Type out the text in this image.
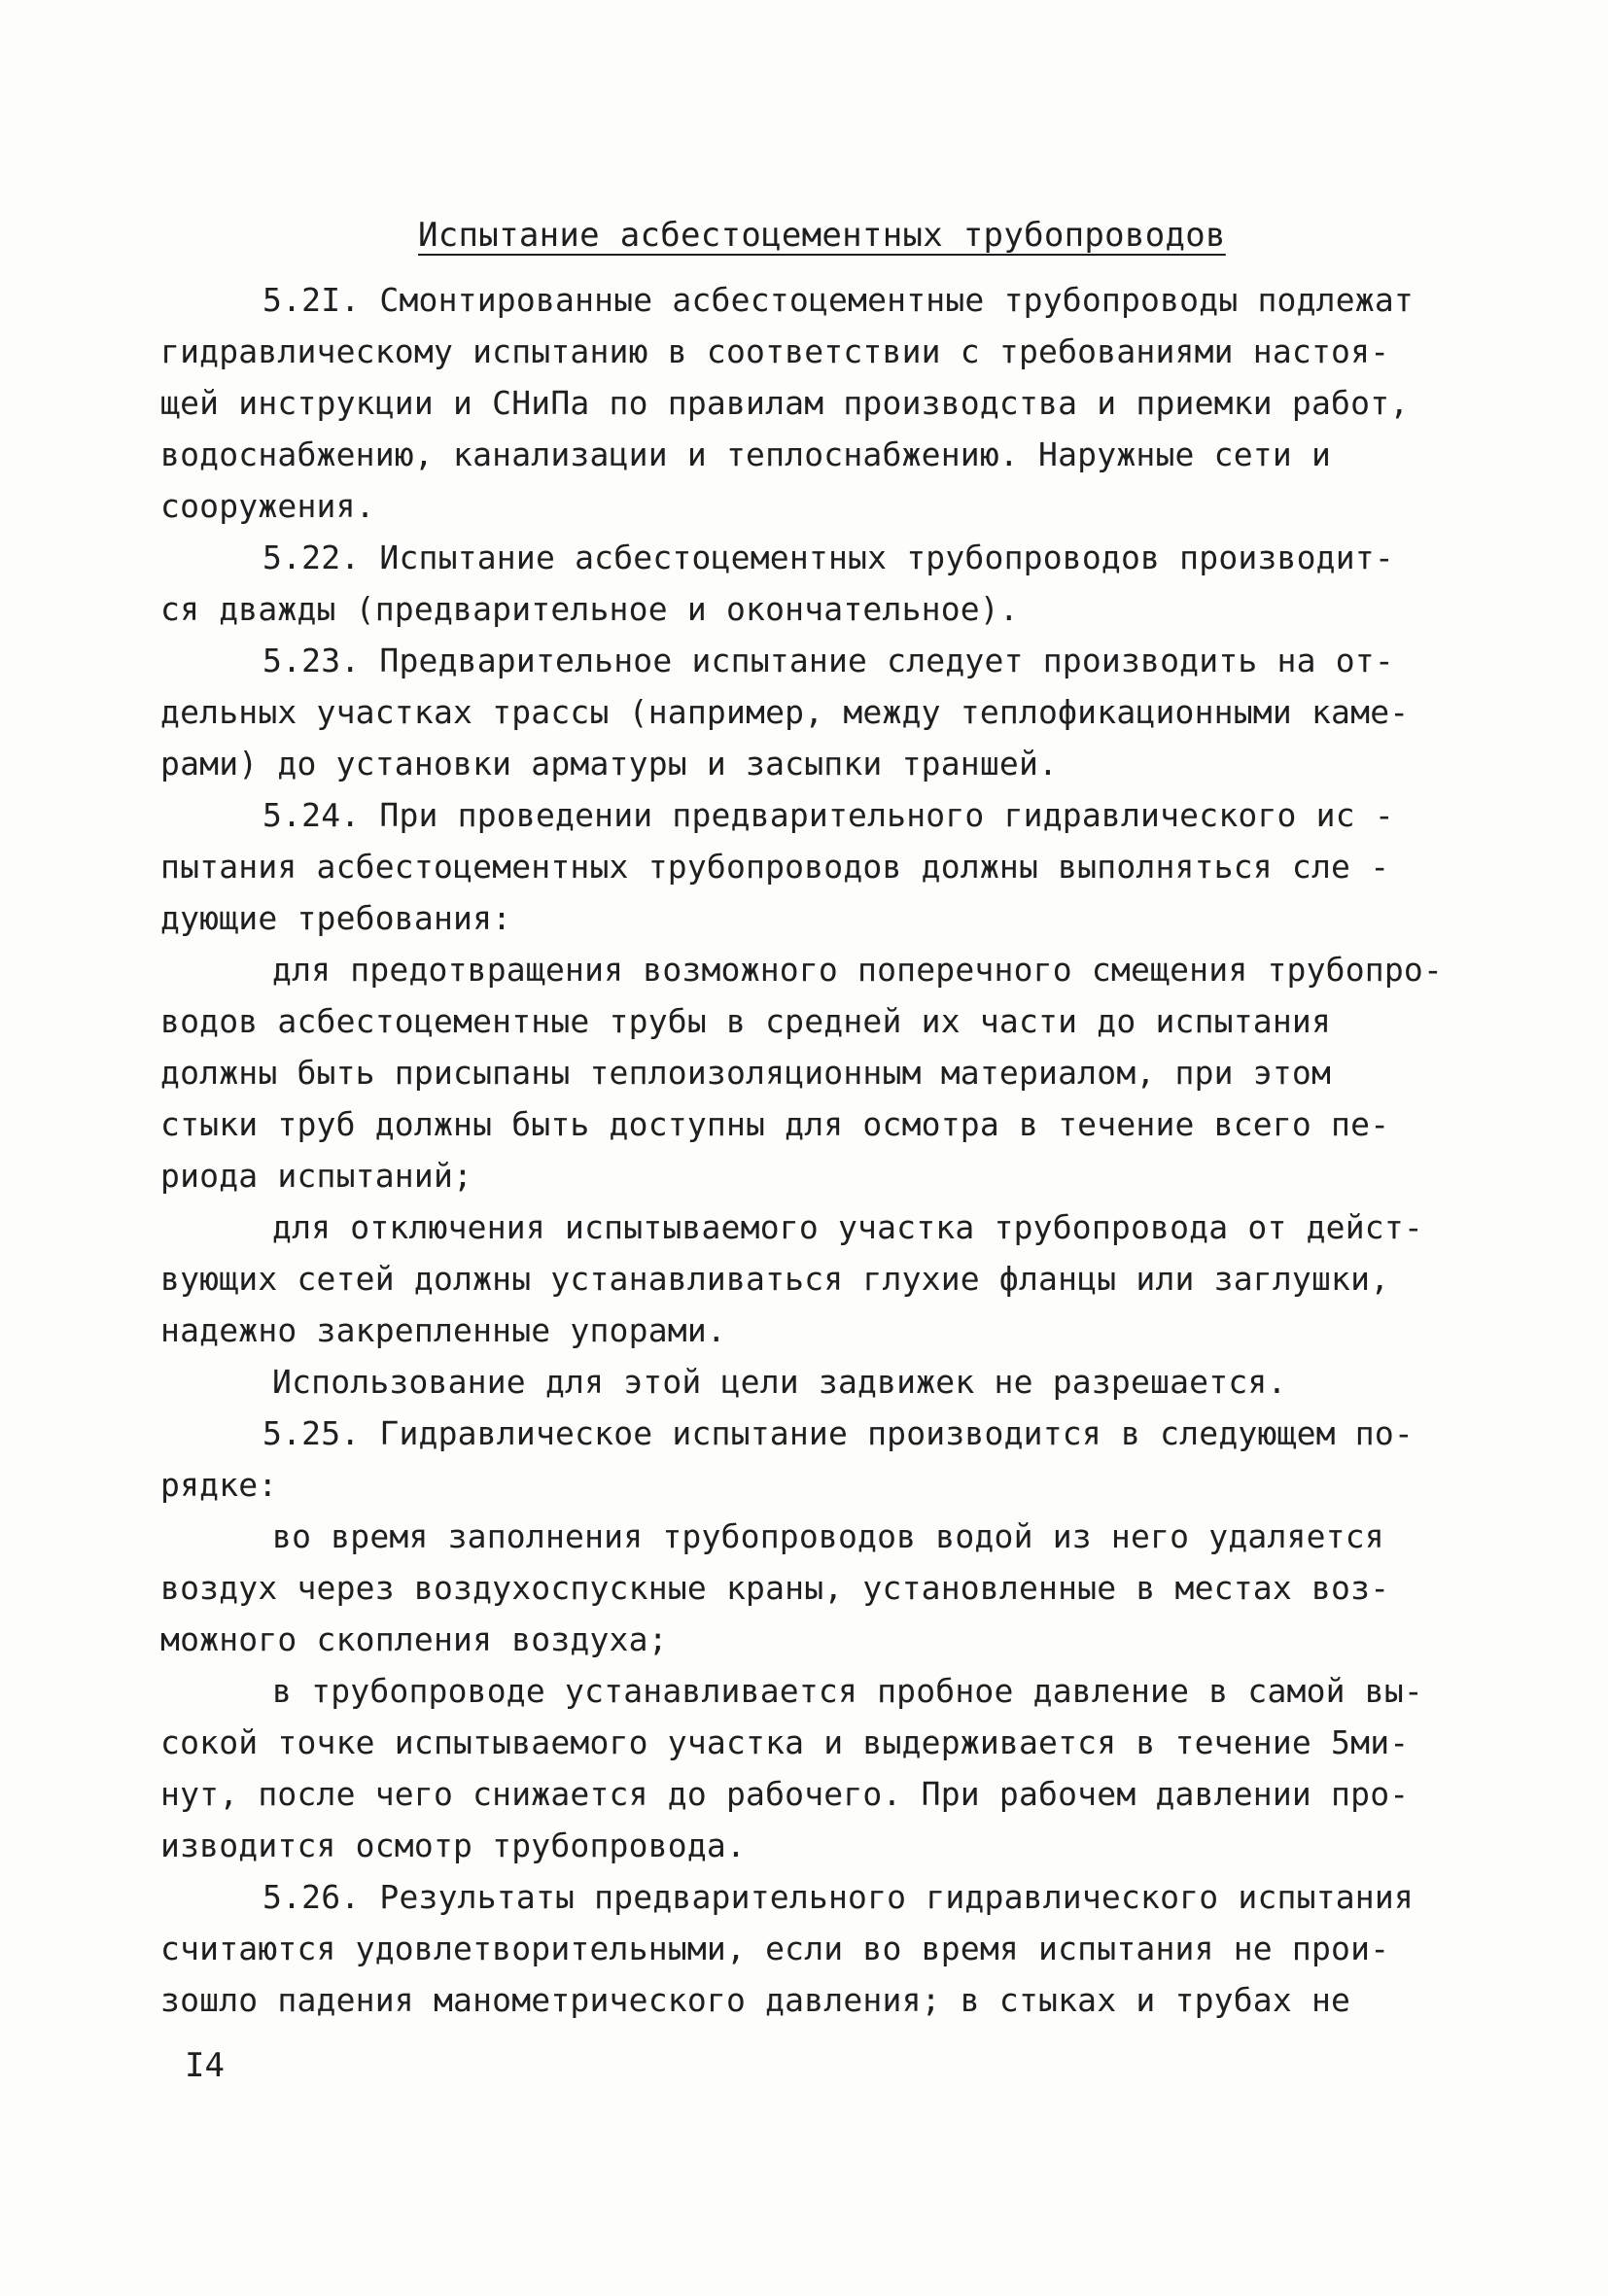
Испытание асбестоцементных трубопроводов
5.2I. Смонтированные асбестоцементные трубопроводы подлежат
гидравлическому испытанию в соответствии с требованиями настоя-
щей инструкции и СНиПа по правилам производства и приемки работ,
водоснабжению, канализации и теплоснабжению. Наружные сети и
сооружения.
5.22. Испытание асбестоцементных трубопроводов производит-
ся дважды (предварительное и окончательное).
5.23. Предварительное испытание следует производить на от-
дельных участках трассы (например, между теплофикационными каме-
рами) до установки арматуры и засыпки траншей.
5.24. При проведении предварительного гидравлического ис -
пытания асбестоцементных трубопроводов должны выполняться сле -
дующие требования:
для предотвращения возможного поперечного смещения трубопро-
водов асбестоцементные трубы в средней их части до испытания
должны быть присыпаны теплоизоляционным материалом, при этом
стыки труб должны быть доступны для осмотра в течение всего пе-
риода испытаний;
для отключения испытываемого участка трубопровода от дейст-
вующих сетей должны устанавливаться глухие фланцы или заглушки,
надежно закрепленные упорами.
Использование для этой цели задвижек не разрешается.
5.25. Гидравлическое испытание производится в следующем по-
рядке:
во время заполнения трубопроводов водой из него удаляется
воздух через воздухоспускные краны, установленные в местах воз-
можного скопления воздуха;
в трубопроводе устанавливается пробное давление в самой вы-
сокой точке испытываемого участка и выдерживается в течение 5ми-
нут, после чего снижается до рабочего. При рабочем давлении про-
изводится осмотр трубопровода.
5.26. Результаты предварительного гидравлического испытания
считаются удовлетворительными, если во время испытания не прои-
зошло падения манометрического давления; в стыках и трубах не
I4
